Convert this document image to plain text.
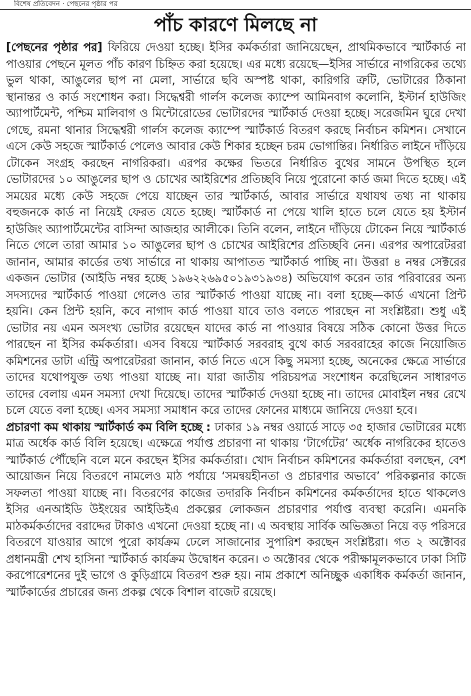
বিশেষ প্রতিবেদন · পেছনের পৃষ্ঠার পর
পাঁচ কারণে মিলছে না

[পেছনের পৃষ্ঠার পর] ফিরিয়ে দেওয়া হচ্ছে। ইসির কর্মকর্তারা জানিয়েছেন, প্রাথমিকভাবে স্মার্টকার্ড না পাওয়ার পেছনে মূলত পাঁচ কারণ চিহ্নিত করা হয়েছে। এর মধ্যে রয়েছে—ইসির সার্ভারে নাগরিকের তথ্যে ভুল থাকা, আঙুলের ছাপ না মেলা, সার্ভারে ছবি অস্পষ্ট থাকা, কারিগরি ত্রুটি, ভোটারের ঠিকানা স্থানান্তর ও কার্ড সংশোধন করা। সিদ্ধেশ্বরী গার্লস কলেজ ক্যাম্পে আমিনবাগ কলোনি, ইস্টার্ন হাউজিং অ্যাপার্টমেন্ট, পশ্চিম মালিবাগ ও মিন্টোরোডের ভোটারদের স্মার্টকার্ড দেওয়া হচ্ছে। সরেজমিন ঘুরে দেখা গেছে, রমনা থানার সিদ্ধেশ্বরী গার্লস কলেজ ক্যাম্পে স্মার্টকার্ড বিতরণ করছে নির্বাচন কমিশন। সেখানে এসে কেউ সহজে স্মার্টকার্ড পেলেও আবার কেউ শিকার হচ্ছেন চরম ভোগান্তির। নির্ধারিত লাইনে দাঁড়িয়ে টোকেন সংগ্রহ করছেন নাগরিকরা। এরপর কক্ষের ভিতরে নির্ধারিত বুথের সামনে উপস্থিত হলে ভোটারদের ১০ আঙুলের ছাপ ও চোখের আইরিশের প্রতিচ্ছবি নিয়ে পুরোনো কার্ড জমা দিতে হচ্ছে। এই সময়ের মধ্যে কেউ সহজে পেয়ে যাচ্ছেন তার স্মার্টকার্ড, আবার সার্ভারে যথাযথ তথ্য না থাকায় বহুজনকে কার্ড না নিয়েই ফেরত যেতে হচ্ছে। স্মার্টকার্ড না পেয়ে খালি হাতে চলে যেতে হয় ইস্টার্ন হাউজিং অ্যাপার্টমেন্টের বাসিন্দা আজহার আলীকে। তিনি বলেন, লাইনে দাঁড়িয়ে টোকেন নিয়ে স্মার্টকার্ড নিতে গেলে তারা আমার ১০ আঙুলের ছাপ ও চোখের আইরিশের প্রতিচ্ছবি নেন। এরপর অপারেটররা জানান, আমার কার্ডের তথ্য সার্ভারে না থাকায় আপাতত স্মার্টকার্ড পাচ্ছি না। উত্তরা ৪ নম্বর সেক্টরের একজন ভোটার (আইডি নম্বর হচ্ছে ১৯৬২২৬৯৫০১৯৩১৯৩৪) অভিযোগ করেন তার পরিবারের অন্য সদস্যদের স্মার্টকার্ড পাওয়া গেলেও তার স্মার্টকার্ড পাওয়া যাচ্ছে না। বলা হচ্ছে—কার্ড এখনো প্রিন্ট হয়নি। কেন প্রিন্ট হয়নি, কবে নাগাদ কার্ড পাওয়া যাবে তাও বলতে পারছেন না সংশ্লিষ্টরা। শুধু এই ভোটার নয় এমন অসংখ্য ভোটার রয়েছেন যাদের কার্ড না পাওয়ার বিষয়ে সঠিক কোনো উত্তর দিতে পারছেন না ইসির কর্মকর্তারা। এসব বিষয়ে স্মার্টকার্ড সরবরাহ বুথে কার্ড সরবরাহের কাজে নিয়োজিত কমিশনের ডাটা এন্ট্রি অপারেটররা জানান, কার্ড নিতে এসে কিছু সমস্যা হচ্ছে, অনেকের ক্ষেত্রে সার্ভারে তাদের যথোপযুক্ত তথ্য পাওয়া যাচ্ছে না। যারা জাতীয় পরিচয়পত্র সংশোধন করেছিলেন সাধারণত তাদের বেলায় এমন সমস্যা দেখা দিয়েছে। তাদের স্মার্টকার্ড দেওয়া হচ্ছে না। তাদের মোবাইল নম্বর রেখে চলে যেতে বলা হচ্ছে। এসব সমস্যা সমাধান করে তাদের ফোনের মাধ্যমে জানিয়ে দেওয়া হবে।

প্রচারণা কম থাকায় স্মার্টকার্ড কম বিলি হচ্ছে : ঢাকার ১৯ নম্বর ওয়ার্ডে সাড়ে ৩৫ হাজার ভোটারের মধ্যে মাত্র অর্ধেক কার্ড বিলি হয়েছে। এক্ষেত্রে পর্যাপ্ত প্রচারণা না থাকায় ‘টার্গেটের’ অর্ধেক নাগরিকের হাতেও স্মার্টকার্ড পৌঁছেনি বলে মনে করছেন ইসির কর্মকর্তারা। খোদ নির্বাচন কমিশনের কর্মকর্তারা বলছেন, বেশ আয়োজন নিয়ে বিতরণে নামলেও মাঠ পর্যায়ে ‘সমন্বয়হীনতা ও প্রচারণার অভাবে’ পরিকল্পনার কাজে সফলতা পাওয়া যাচ্ছে না। বিতরণের কাজের তদারকি নির্বাচন কমিশনের কর্মকর্তাদের হাতে থাকলেও ইসির এনআইডি উইংয়ের আইডিইএ প্রকল্পের লোকজন প্রচারণার পর্যাপ্ত ব্যবস্থা করেনি। এমনকি মাঠকর্মকর্তাদের বরাদ্দের টাকাও এখনো দেওয়া হচ্ছে না। এ অবস্থায় সার্বিক অভিজ্ঞতা নিয়ে বড় পরিসরে বিতরণে যাওয়ার আগে পুরো কার্যক্রম ঢেলে সাজানোর সুপারিশ করছেন সংশ্লিষ্টরা। গত ২ অক্টোবর প্রধানমন্ত্রী শেখ হাসিনা স্মার্টকার্ড কার্যক্রম উদ্বোধন করেন। ৩ অক্টোবর থেকে পরীক্ষামূলকভাবে ঢাকা সিটি করপোরেশনের দুই ভাগে ও কুড়িগ্রামে বিতরণ শুরু হয়। নাম প্রকাশে অনিচ্ছুক একাধিক কর্মকর্তা জানান, স্মার্টকার্ডের প্রচারের জন্য প্রকল্প থেকে বিশাল বাজেট রয়েছে।
